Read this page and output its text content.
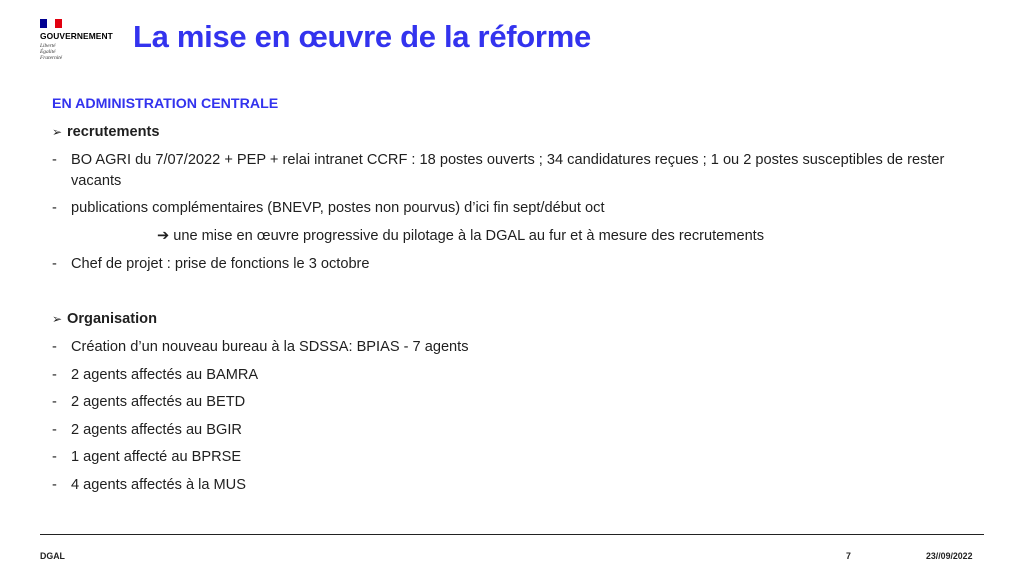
GOUVERNEMENT
Liberté
Égalité
Fraternité
La mise en œuvre de la réforme
EN ADMINISTRATION CENTRALE
➢ recrutements
- BO AGRI du 7/07/2022 + PEP + relai intranet CCRF : 18 postes ouverts ; 34 candidatures reçues ; 1 ou 2 postes susceptibles de rester vacants
- publications complémentaires (BNEVP, postes non pourvus) d’ici fin sept/début oct
➔ une mise en œuvre progressive du pilotage à la DGAL au fur et à mesure des recrutements
- Chef de projet : prise de fonctions le 3 octobre
➢ Organisation
- Création d’un nouveau bureau à la SDSSA: BPIAS - 7 agents
- 2 agents affectés au BAMRA
- 2 agents affectés au BETD
- 2 agents affectés au BGIR
- 1 agent affecté au BPRSE
- 4 agents affectés à la MUS
DGAL	7	23//09/2022
